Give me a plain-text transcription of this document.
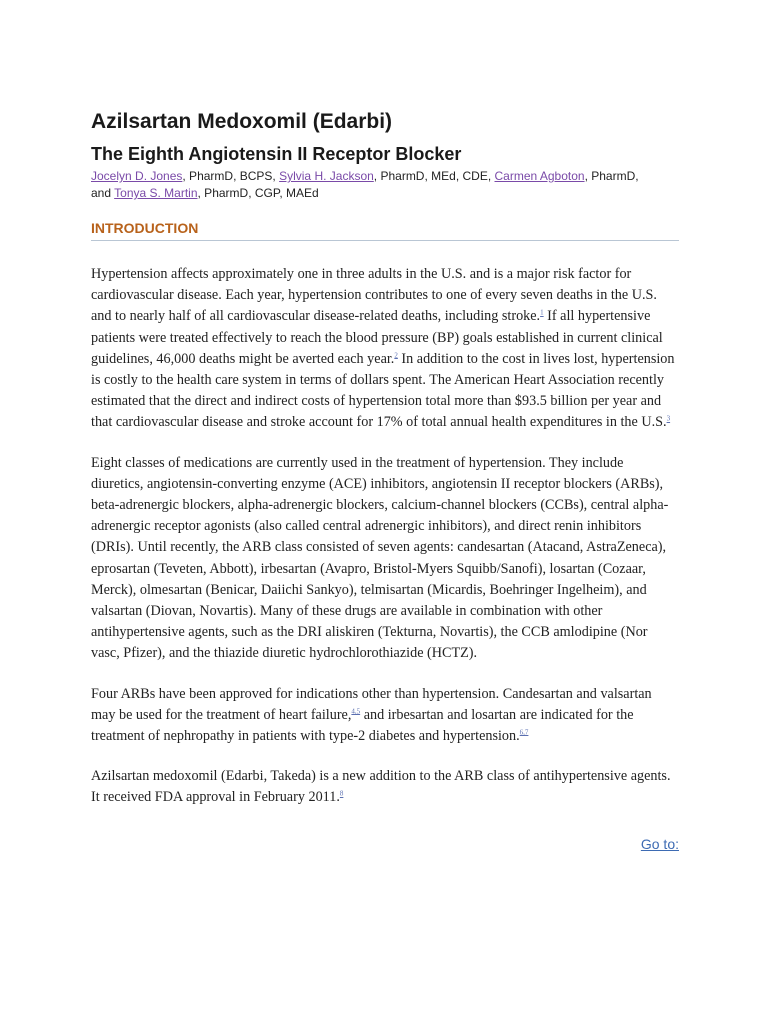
Azilsartan Medoxomil (Edarbi)
The Eighth Angiotensin II Receptor Blocker
Jocelyn D. Jones, PharmD, BCPS, Sylvia H. Jackson, PharmD, MEd, CDE, Carmen Agboton, PharmD,
and Tonya S. Martin, PharmD, CGP, MAEd
INTRODUCTION

Hypertension affects approximately one in three adults in the U.S. and is a major risk factor for cardiovascular disease. Each year, hypertension contributes to one of every seven deaths in the U.S. and to nearly half of all cardiovascular disease-related deaths, including stroke.$^1$ If all hypertensive patients were treated effectively to reach the blood pressure (BP) goals established in current clinical guidelines, 46,000 deaths might be averted each year.$^2$ In addition to the cost in lives lost, hypertension is costly to the health care system in terms of dollars spent. The American Heart Association recently estimated that the direct and indirect costs of hypertension total more than $93.5 billion per year and that cardiovascular disease and stroke account for 17% of total annual health expenditures in the U.S.$^3$

Eight classes of medications are currently used in the treatment of hypertension. They include diuretics, angiotensin-converting enzyme (ACE) inhibitors, angiotensin II receptor blockers (ARBs), beta-adrenergic blockers, alpha-adrenergic blockers, calcium-channel blockers (CCBs), central alpha-adrenergic receptor agonists (also called central adrenergic inhibitors), and direct renin inhibitors (DRIs). Until recently, the ARB class consisted of seven agents: candesartan (Atacand, AstraZeneca), eprosartan (Teveten, Abbott), irbesartan (Avapro, Bristol-Myers Squibb/Sanofi), losartan (Cozaar, Merck), olmesartan (Benicar, Daiichi Sankyo), telmisartan (Micardis, Boehringer Ingelheim), and valsartan (Diovan, Novartis). Many of these drugs are available in combination with other antihypertensive agents, such as the DRI aliskiren (Tekturna, Novartis), the CCB amlodipine (Nor vasc, Pfizer), and the thiazide diuretic hydrochlorothiazide (HCTZ).

Four ARBs have been approved for indications other than hypertension. Candesartan and valsartan may be used for the treatment of heart failure,$^{4,5}$ and irbesartan and losartan are indicated for the treatment of nephropathy in patients with type-2 diabetes and hypertension.$^{6,7}$

Azilsartan medoxomil (Edarbi, Takeda) is a new addition to the ARB class of antihypertensive agents. It received FDA approval in February 2011.$^8$

Go to:
